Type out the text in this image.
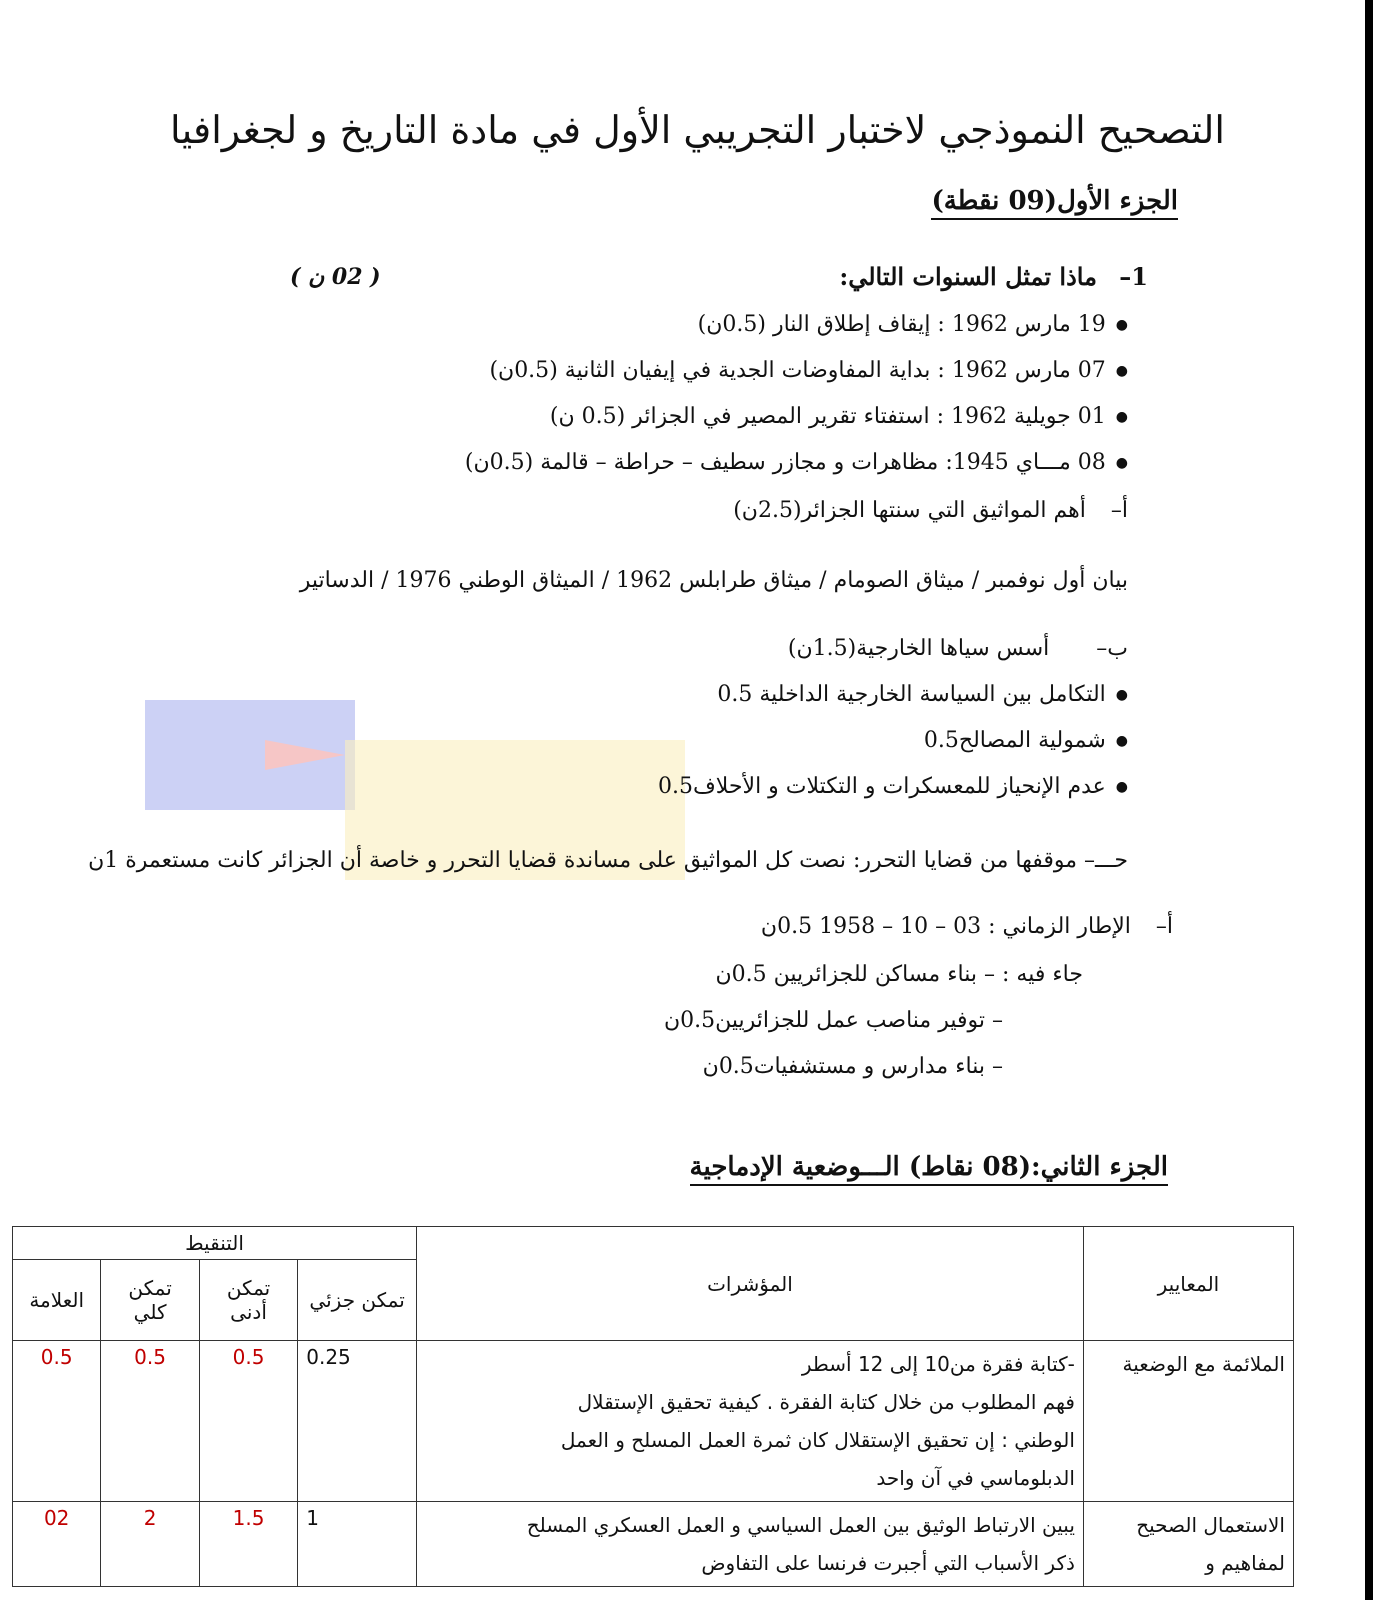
التصحيح النموذجي لاختبار التجريبي الأول في مادة التاريخ و لجغرافيا
الجزء الأول(09 نقطة)
1– ماذا تمثل السنوات التالي:
( 02 ن )
● 19 مارس 1962 : إيقاف إطلاق النار (0.5ن)
● 07 مارس 1962 : بداية المفاوضات الجدية في إيفيان الثانية (0.5ن)
● 01 جويلية 1962 : استفتاء تقرير المصير في الجزائر (0.5 ن)
● 08 مـــاي 1945: مظاهرات و مجازر سطيف – حراطة – قالمة (0.5ن)
أ– أهم المواثيق التي سنتها الجزائر(2.5ن)
بيان أول نوفمبر / ميثاق الصومام / ميثاق طرابلس 1962 / الميثاق الوطني 1976 / الدساتير
ب– أسس سياها الخارجية(1.5ن)
● التكامل بين السياسة الخارجية الداخلية 0.5
● شمولية المصالح0.5
● عدم الإنحياز للمعسكرات و التكتلات و الأحلاف0.5
حـــ– موقفها من قضايا التحرر: نصت كل المواثيق على مساندة قضايا التحرر و خاصة أن الجزائر كانت مستعمرة 1ن
أ– الإطار الزماني : 03 – 10 – 1958 0.5ن
جاء فيه : – بناء مساكن للجزائريين 0.5ن
– توفير مناصب عمل للجزائريين0.5ن
– بناء مدارس و مستشفيات0.5ن
الجزء الثاني:(08 نقاط) الـــوضعية الإدماجية
المعايير	المؤشرات	التنقيط			
		تمكن جزئي	تمكن أدنى	تمكن كلي	العلامة
الملائمة مع الوضعية	-كتابة فقرة من10 إلى 12 أسطر
فهم المطلوب من خلال كتابة الفقرة . كيفية تحقيق الإستقلال
الوطني : إن تحقيق الإستقلال كان ثمرة العمل المسلح و العمل
الدبلوماسي في آن واحد	0.25	0.5	0.5	0.5
الاستعمال الصحيح لمفاهيم و	يبين الارتباط الوثيق بين العمل السياسي و العمل العسكري المسلح
ذكر الأسباب التي أجبرت فرنسا على التفاوض	1	1.5	2	02
